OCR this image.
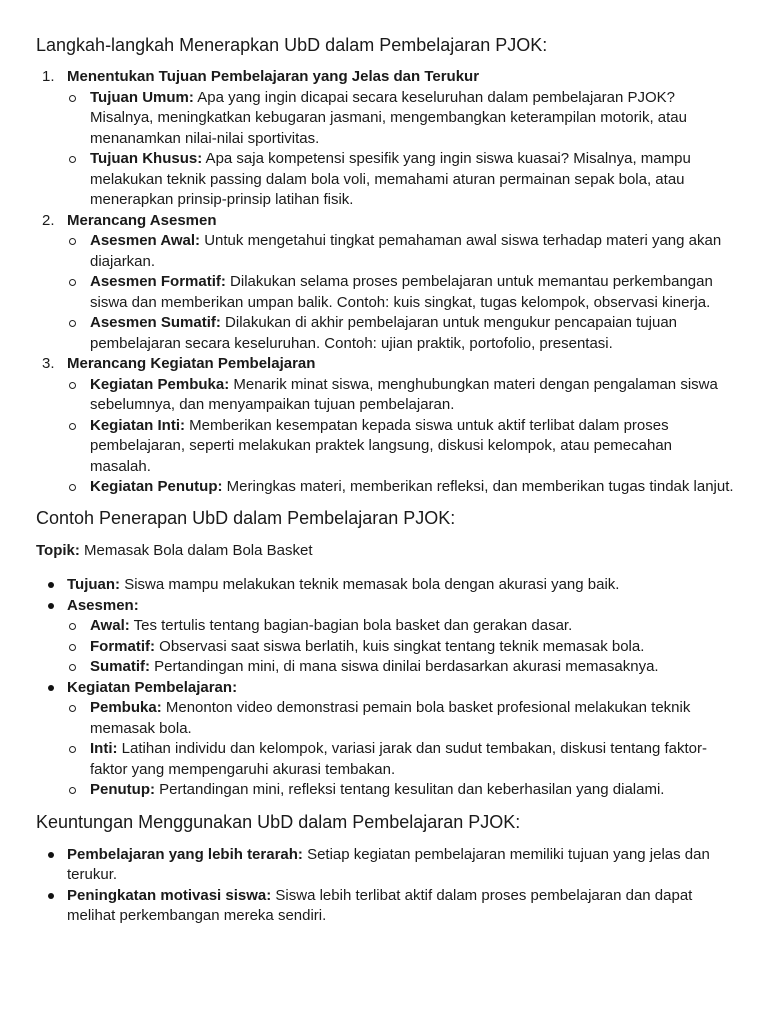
Langkah-langkah Menerapkan UbD dalam Pembelajaran PJOK:
1. Menentukan Tujuan Pembelajaran yang Jelas dan Terukur
Tujuan Umum: Apa yang ingin dicapai secara keseluruhan dalam pembelajaran PJOK? Misalnya, meningkatkan kebugaran jasmani, mengembangkan keterampilan motorik, atau menanamkan nilai-nilai sportivitas.
Tujuan Khusus: Apa saja kompetensi spesifik yang ingin siswa kuasai? Misalnya, mampu melakukan teknik passing dalam bola voli, memahami aturan permainan sepak bola, atau menerapkan prinsip-prinsip latihan fisik.
2. Merancang Asesmen
Asesmen Awal: Untuk mengetahui tingkat pemahaman awal siswa terhadap materi yang akan diajarkan.
Asesmen Formatif: Dilakukan selama proses pembelajaran untuk memantau perkembangan siswa dan memberikan umpan balik. Contoh: kuis singkat, tugas kelompok, observasi kinerja.
Asesmen Sumatif: Dilakukan di akhir pembelajaran untuk mengukur pencapaian tujuan pembelajaran secara keseluruhan. Contoh: ujian praktik, portofolio, presentasi.
3. Merancang Kegiatan Pembelajaran
Kegiatan Pembuka: Menarik minat siswa, menghubungkan materi dengan pengalaman siswa sebelumnya, dan menyampaikan tujuan pembelajaran.
Kegiatan Inti: Memberikan kesempatan kepada siswa untuk aktif terlibat dalam proses pembelajaran, seperti melakukan praktek langsung, diskusi kelompok, atau pemecahan masalah.
Kegiatan Penutup: Meringkas materi, memberikan refleksi, dan memberikan tugas tindak lanjut.
Contoh Penerapan UbD dalam Pembelajaran PJOK:

Topik: Memasak Bola dalam Bola Basket

Tujuan: Siswa mampu melakukan teknik memasak bola dengan akurasi yang baik.
Asesmen:
Awal: Tes tertulis tentang bagian-bagian bola basket dan gerakan dasar.
Formatif: Observasi saat siswa berlatih, kuis singkat tentang teknik memasak bola.
Sumatif: Pertandingan mini, di mana siswa dinilai berdasarkan akurasi memasaknya.
Kegiatan Pembelajaran:
Pembuka: Menonton video demonstrasi pemain bola basket profesional melakukan teknik memasak bola.
Inti: Latihan individu dan kelompok, variasi jarak dan sudut tembakan, diskusi tentang faktor-faktor yang mempengaruhi akurasi tembakan.
Penutup: Pertandingan mini, refleksi tentang kesulitan dan keberhasilan yang dialami.
Keuntungan Menggunakan UbD dalam Pembelajaran PJOK:
Pembelajaran yang lebih terarah: Setiap kegiatan pembelajaran memiliki tujuan yang jelas dan terukur.
Peningkatan motivasi siswa: Siswa lebih terlibat aktif dalam proses pembelajaran dan dapat melihat perkembangan mereka sendiri.
